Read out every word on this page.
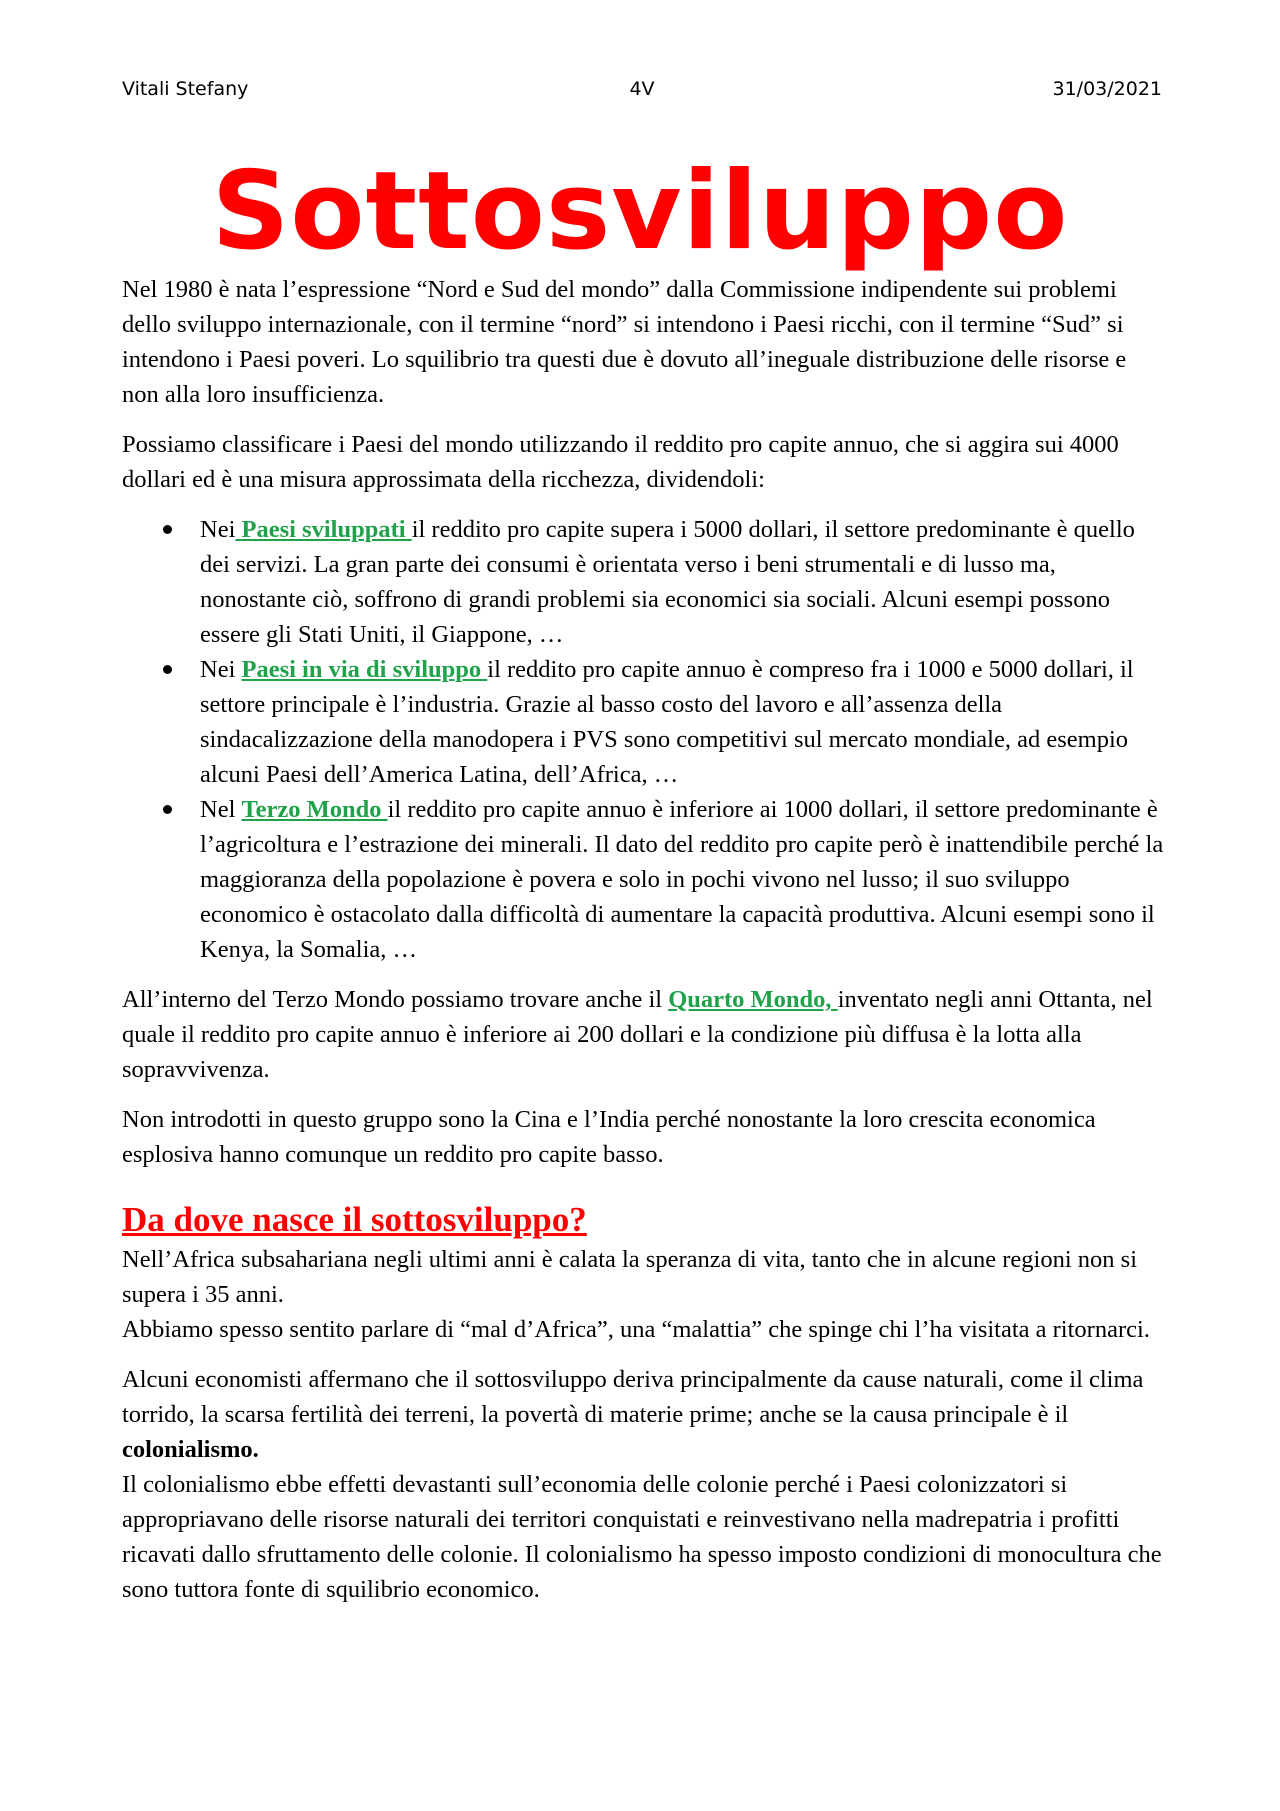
Vitali Stefany	4V	31/03/2021
Sottosviluppo

Nel 1980 è nata l’espressione “Nord e Sud del mondo” dalla Commissione indipendente sui problemi dello sviluppo internazionale, con il termine “nord” si intendono i Paesi ricchi, con il termine “Sud” si intendono i Paesi poveri. Lo squilibrio tra questi due è dovuto all’ineguale distribuzione delle risorse e non alla loro insufficienza.

Possiamo classificare i Paesi del mondo utilizzando il reddito pro capite annuo, che si aggira sui 4000 dollari ed è una misura approssimata della ricchezza, dividendoli:

Nei Paesi sviluppati il reddito pro capite supera i 5000 dollari, il settore predominante è quello dei servizi. La gran parte dei consumi è orientata verso i beni strumentali e di lusso ma, nonostante ciò, soffrono di grandi problemi sia economici sia sociali. Alcuni esempi possono essere gli Stati Uniti, il Giappone, …
Nei Paesi in via di sviluppo il reddito pro capite annuo è compreso fra i 1000 e 5000 dollari, il settore principale è l’industria. Grazie al basso costo del lavoro e all’assenza della sindacalizzazione della manodopera i PVS sono competitivi sul mercato mondiale, ad esempio alcuni Paesi dell’America Latina, dell’Africa, …
Nel Terzo Mondo il reddito pro capite annuo è inferiore ai 1000 dollari, il settore predominante è l’agricoltura e l’estrazione dei minerali. Il dato del reddito pro capite però è inattendibile perché la maggioranza della popolazione è povera e solo in pochi vivono nel lusso; il suo sviluppo economico è ostacolato dalla difficoltà di aumentare la capacità produttiva. Alcuni esempi sono il Kenya, la Somalia, …

All’interno del Terzo Mondo possiamo trovare anche il Quarto Mondo, inventato negli anni Ottanta, nel quale il reddito pro capite annuo è inferiore ai 200 dollari e la condizione più diffusa è la lotta alla sopravvivenza.

Non introdotti in questo gruppo sono la Cina e l’India perché nonostante la loro crescita economica esplosiva hanno comunque un reddito pro capite basso.

Da dove nasce il sottosviluppo?

Nell’Africa subsahariana negli ultimi anni è calata la speranza di vita, tanto che in alcune regioni non si supera i 35 anni.
Abbiamo spesso sentito parlare di “mal d’Africa”, una “malattia” che spinge chi l’ha visitata a ritornarci.

Alcuni economisti affermano che il sottosviluppo deriva principalmente da cause naturali, come il clima torrido, la scarsa fertilità dei terreni, la povertà di materie prime; anche se la causa principale è il colonialismo.
Il colonialismo ebbe effetti devastanti sull’economia delle colonie perché i Paesi colonizzatori si appropriavano delle risorse naturali dei territori conquistati e reinvestivano nella madrepatria i profitti ricavati dallo sfruttamento delle colonie. Il colonialismo ha spesso imposto condizioni di monocultura che sono tuttora fonte di squilibrio economico.
